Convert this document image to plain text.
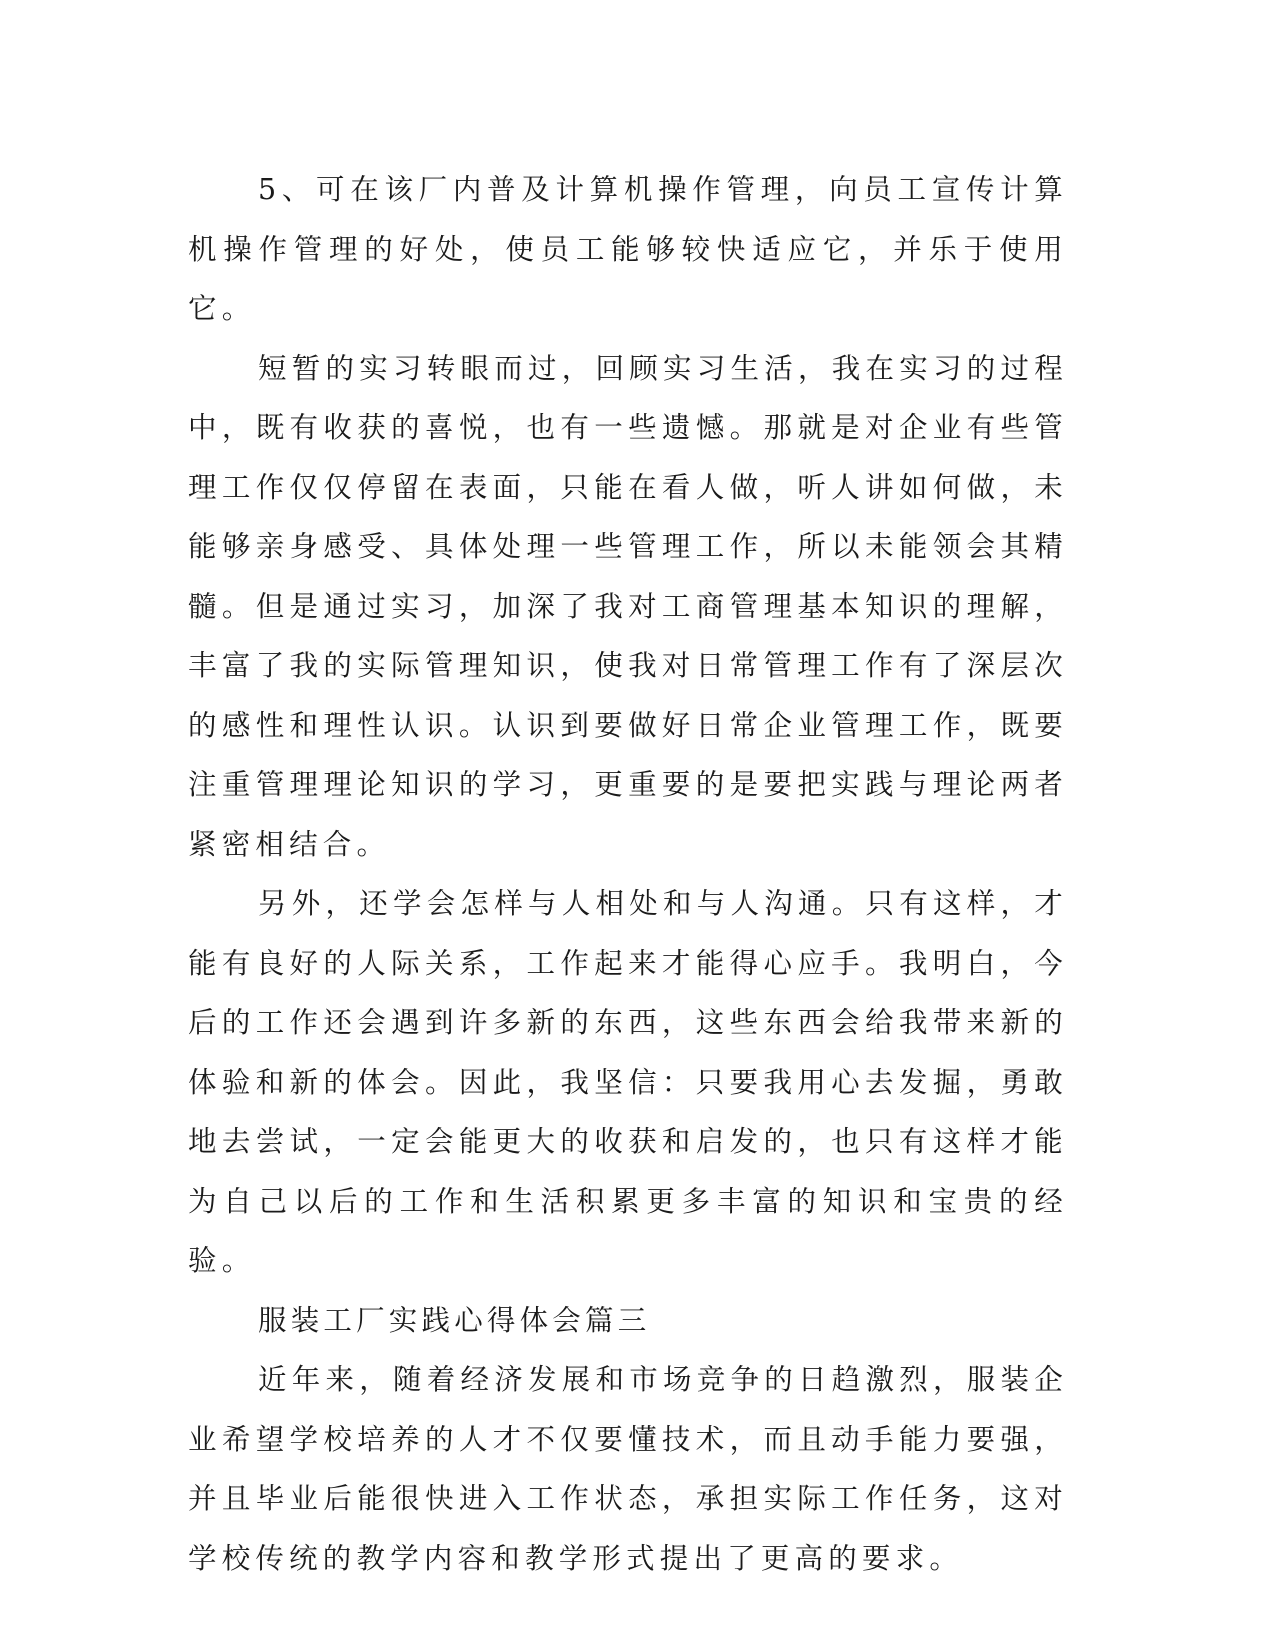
5、可在该厂内普及计算机操作管理，向员工宣传计算机操作管理的好处，使员工能够较快适应它，并乐于使用它。

短暂的实习转眼而过，回顾实习生活，我在实习的过程中，既有收获的喜悦，也有一些遗憾。那就是对企业有些管理工作仅仅停留在表面，只能在看人做，听人讲如何做，未能够亲身感受、具体处理一些管理工作，所以未能领会其精髓。但是通过实习，加深了我对工商管理基本知识的理解，丰富了我的实际管理知识，使我对日常管理工作有了深层次的感性和理性认识。认识到要做好日常企业管理工作，既要注重管理理论知识的学习，更重要的是要把实践与理论两者紧密相结合。

另外，还学会怎样与人相处和与人沟通。只有这样，才能有良好的人际关系，工作起来才能得心应手。我明白，今后的工作还会遇到许多新的东西，这些东西会给我带来新的体验和新的体会。因此，我坚信：只要我用心去发掘，勇敢地去尝试，一定会能更大的收获和启发的，也只有这样才能为自己以后的工作和生活积累更多丰富的知识和宝贵的经验。

服装工厂实践心得体会篇三

近年来，随着经济发展和市场竞争的日趋激烈，服装企业希望学校培养的人才不仅要懂技术，而且动手能力要强，并且毕业后能很快进入工作状态，承担实际工作任务，这对学校传统的教学内容和教学形式提出了更高的要求。
